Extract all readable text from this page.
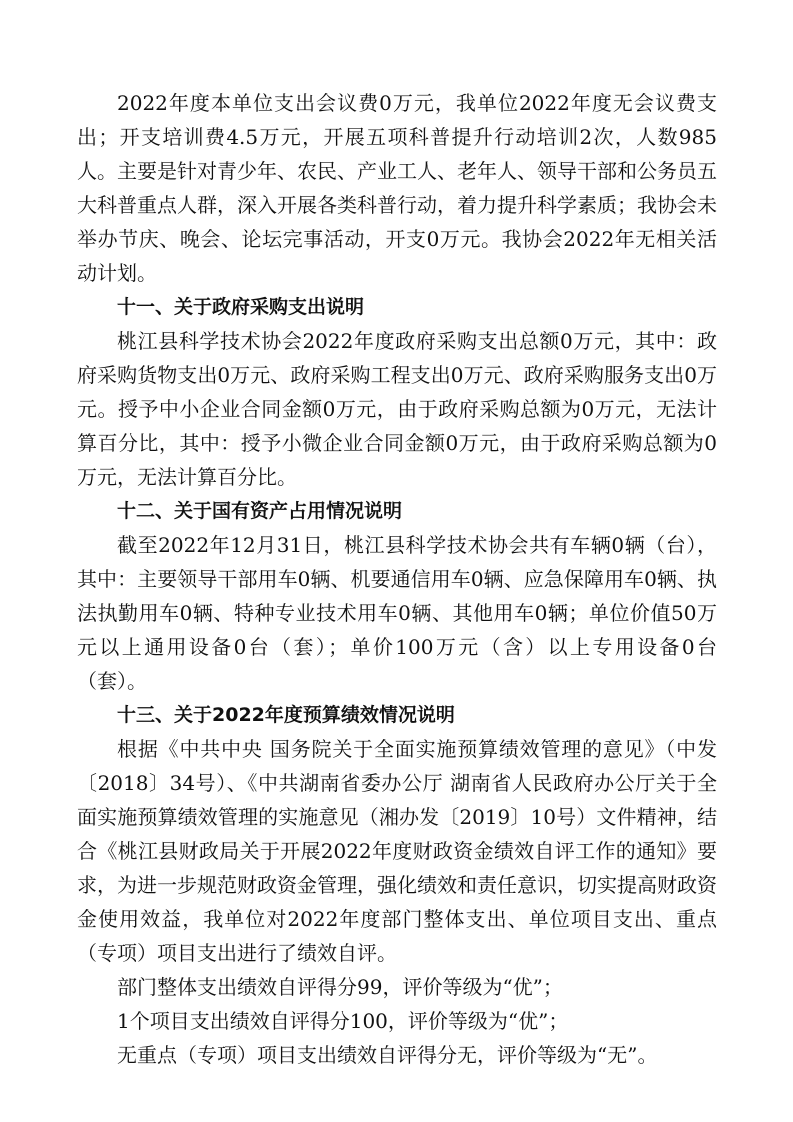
2022年度本单位支出会议费0万元，我单位2022年度无会议费支出；开支培训费4.5万元，开展五项科普提升行动培训2次，人数985人。主要是针对青少年、农民、产业工人、老年人、领导干部和公务员五大科普重点人群，深入开展各类科普行动，着力提升科学素质；我协会未举办节庆、晚会、论坛完事活动，开支0万元。我协会2022年无相关活动计划。

十一、关于政府采购支出说明

桃江县科学技术协会2022年度政府采购支出总额0万元，其中：政府采购货物支出0万元、政府采购工程支出0万元、政府采购服务支出0万元。授予中小企业合同金额0万元，由于政府采购总额为0万元，无法计算百分比，其中：授予小微企业合同金额0万元，由于政府采购总额为0万元，无法计算百分比。

十二、关于国有资产占用情况说明

截至2022年12月31日，桃江县科学技术协会共有车辆0辆（台），其中：主要领导干部用车0辆、机要通信用车0辆、应急保障用车0辆、执法执勤用车0辆、特种专业技术用车0辆、其他用车0辆；单位价值50万元以上通用设备0台（套）；单价100万元（含）以上专用设备0台（套）。

十三、关于2022年度预算绩效情况说明

根据《中共中央 国务院关于全面实施预算绩效管理的意见》（中发〔2018〕34号）、《中共湖南省委办公厅 湖南省人民政府办公厅关于全面实施预算绩效管理的实施意见（湘办发〔2019〕10号）文件精神，结合《桃江县财政局关于开展2022年度财政资金绩效自评工作的通知》要求，为进一步规范财政资金管理，强化绩效和责任意识，切实提高财政资金使用效益，我单位对2022年度部门整体支出、单位项目支出、重点（专项）项目支出进行了绩效自评。

部门整体支出绩效自评得分99，评价等级为“优”；

1个项目支出绩效自评得分100，评价等级为“优”；

无重点（专项）项目支出绩效自评得分无，评价等级为“无”。
